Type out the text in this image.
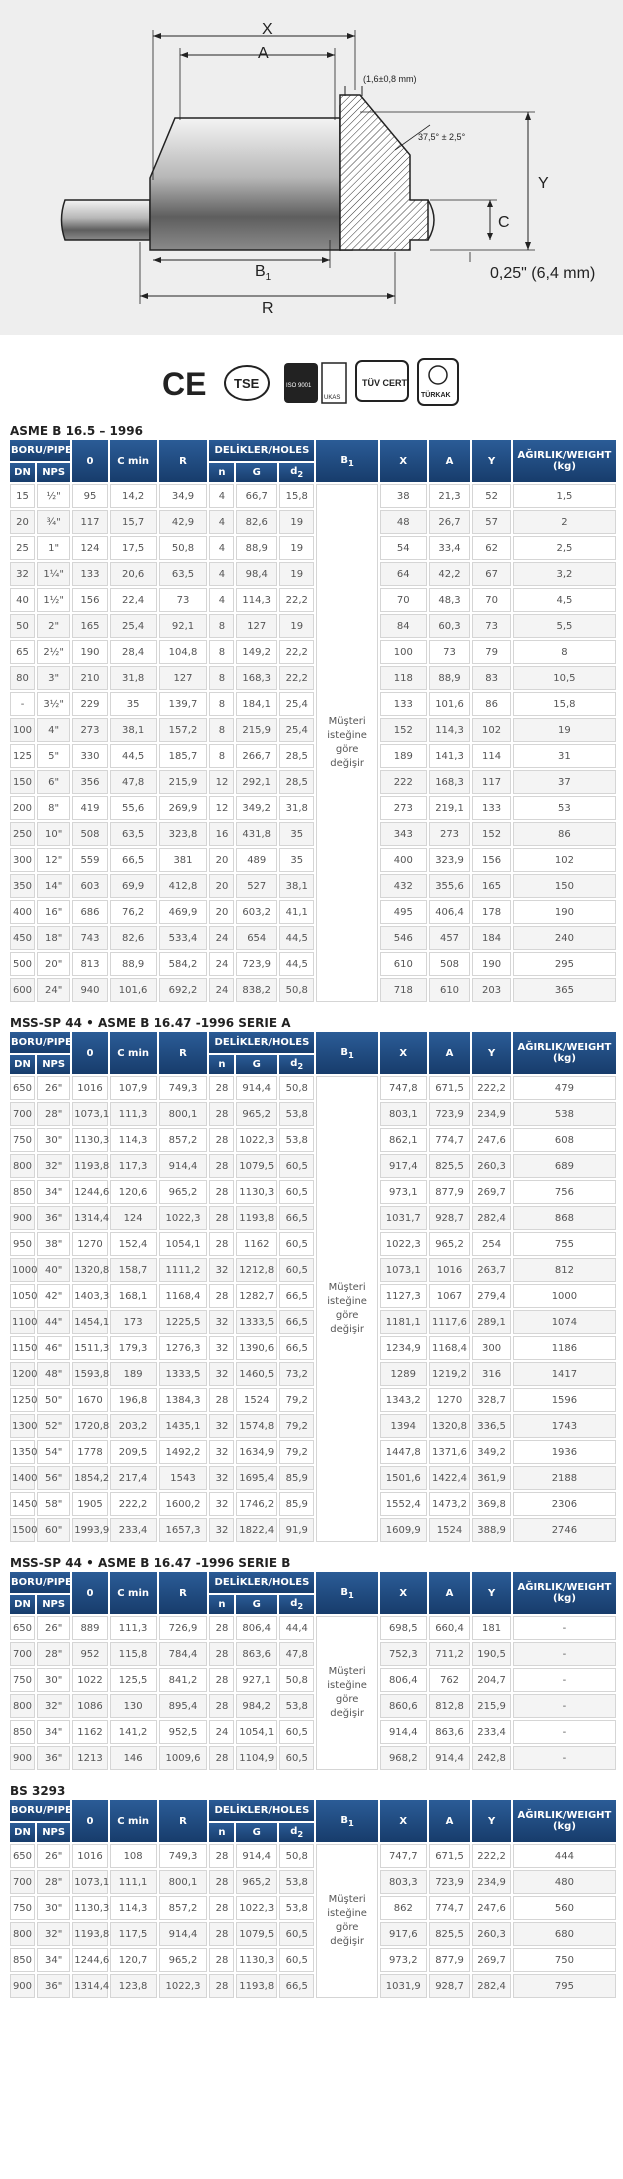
X
A
(1,6±0,8 mm)
37,5° ± 2,5°
Y
C
0,25" (6,4 mm)
$B_1$
R
CE TSE	ISO 9001
UKAS
TÜV CERT
TÜRKAK
ASME B 16.5 – 1996
BORU/PIPE		0	C min	R	DELİKLER/HOLES			$B_1$	X	A	Y	AĞIRLIK/WEIGHT
(kg)

DN	NPS				n	G	$d_2$
15	½"	95	14,2	34,9	4	66,7	15,8	Müşteri isteğine göre değişir	38	21,3	52	1,5
20	¾"	117	15,7	42,9	4	82,6	19		48	26,7	57	2
25	1"	124	17,5	50,8	4	88,9	19		54	33,4	62	2,5
32	1¼"	133	20,6	63,5	4	98,4	19		64	42,2	67	3,2
40	1½"	156	22,4	73	4	114,3	22,2		70	48,3	70	4,5
50	2"	165	25,4	92,1	8	127	19		84	60,3	73	5,5
65	2½"	190	28,4	104,8	8	149,2	22,2		100	73	79	8
80	3"	210	31,8	127	8	168,3	22,2		118	88,9	83	10,5
-	3½"	229	35	139,7	8	184,1	25,4		133	101,6	86	15,8
100	4"	273	38,1	157,2	8	215,9	25,4		152	114,3	102	19
125	5"	330	44,5	185,7	8	266,7	28,5		189	141,3	114	31
150	6"	356	47,8	215,9	12	292,1	28,5		222	168,3	117	37
200	8"	419	55,6	269,9	12	349,2	31,8		273	219,1	133	53
250	10"	508	63,5	323,8	16	431,8	35		343	273	152	86
300	12"	559	66,5	381	20	489	35		400	323,9	156	102
350	14"	603	69,9	412,8	20	527	38,1		432	355,6	165	150
400	16"	686	76,2	469,9	20	603,2	41,1		495	406,4	178	190
450	18"	743	82,6	533,4	24	654	44,5		546	457	184	240
500	20"	813	88,9	584,2	24	723,9	44,5		610	508	190	295
600	24"	940	101,6	692,2	24	838,2	50,8		718	610	203	365
MSS-SP 44 • ASME B 16.47 -1996 SERIE A
BORU/PIPE		0	C min	R	DELİKLER/HOLES			$B_1$	X	A	Y	AĞIRLIK/WEIGHT
(kg)

DN	NPS				n	G	$d_2$
650	26"	1016	107,9	749,3	28	914,4	50,8	Müşteri isteğine göre değişir	747,8	671,5	222,2	479
700	28"	1073,1	111,3	800,1	28	965,2	53,8		803,1	723,9	234,9	538
750	30"	1130,3	114,3	857,2	28	1022,3	53,8		862,1	774,7	247,6	608
800	32"	1193,8	117,3	914,4	28	1079,5	60,5		917,4	825,5	260,3	689
850	34"	1244,6	120,6	965,2	28	1130,3	60,5		973,1	877,9	269,7	756
900	36"	1314,4	124	1022,3	28	1193,8	66,5		1031,7	928,7	282,4	868
950	38"	1270	152,4	1054,1	28	1162	60,5		1022,3	965,2	254	755
1000	40"	1320,8	158,7	1111,2	32	1212,8	60,5		1073,1	1016	263,7	812
1050	42"	1403,3	168,1	1168,4	28	1282,7	66,5		1127,3	1067	279,4	1000
1100	44"	1454,1	173	1225,5	32	1333,5	66,5		1181,1	1117,6	289,1	1074
1150	46"	1511,3	179,3	1276,3	32	1390,6	66,5		1234,9	1168,4	300	1186
1200	48"	1593,8	189	1333,5	32	1460,5	73,2		1289	1219,2	316	1417
1250	50"	1670	196,8	1384,3	28	1524	79,2		1343,2	1270	328,7	1596
1300	52"	1720,8	203,2	1435,1	32	1574,8	79,2		1394	1320,8	336,5	1743
1350	54"	1778	209,5	1492,2	32	1634,9	79,2		1447,8	1371,6	349,2	1936
1400	56"	1854,2	217,4	1543	32	1695,4	85,9		1501,6	1422,4	361,9	2188
1450	58"	1905	222,2	1600,2	32	1746,2	85,9		1552,4	1473,2	369,8	2306
1500	60"	1993,9	233,4	1657,3	32	1822,4	91,9		1609,9	1524	388,9	2746
MSS-SP 44 • ASME B 16.47 -1996 SERIE B
BORU/PIPE		0	C min	R	DELİKLER/HOLES			$B_1$	X	A	Y	AĞIRLIK/WEIGHT
(kg)

DN	NPS				n	G	$d_2$
650	26"	889	111,3	726,9	28	806,4	44,4	Müşteri isteğine göre değişir	698,5	660,4	181	-
700	28"	952	115,8	784,4	28	863,6	47,8		752,3	711,2	190,5	-
750	30"	1022	125,5	841,2	28	927,1	50,8		806,4	762	204,7	-
800	32"	1086	130	895,4	28	984,2	53,8		860,6	812,8	215,9	-
850	34"	1162	141,2	952,5	24	1054,1	60,5		914,4	863,6	233,4	-
900	36"	1213	146	1009,6	28	1104,9	60,5		968,2	914,4	242,8	-
BS 3293
BORU/PIPE		0	C min	R	DELİKLER/HOLES			$B_1$	X	A	Y	AĞIRLIK/WEIGHT
(kg)

DN	NPS				n	G	$d_2$
650	26"	1016	108	749,3	28	914,4	50,8	Müşteri isteğine göre değişir	747,7	671,5	222,2	444
700	28"	1073,1	111,1	800,1	28	965,2	53,8		803,3	723,9	234,9	480
750	30"	1130,3	114,3	857,2	28	1022,3	53,8		862	774,7	247,6	560
800	32"	1193,8	117,5	914,4	28	1079,5	60,5		917,6	825,5	260,3	680
850	34"	1244,6	120,7	965,2	28	1130,3	60,5		973,2	877,9	269,7	750
900	36"	1314,4	123,8	1022,3	28	1193,8	66,5		1031,9	928,7	282,4	795
